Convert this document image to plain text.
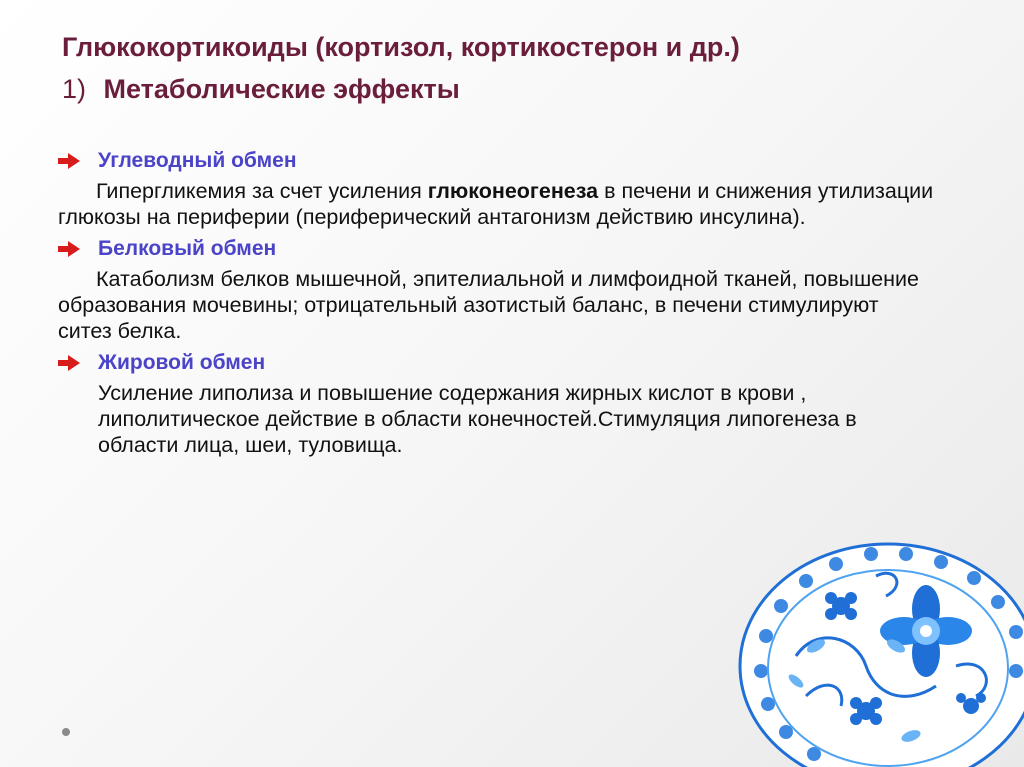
Глюкокортикоиды (кортизол, кортикостерон и др.)
1) Метаболические эффекты
Углеводный обмен
Гипергликемия за счет усиления глюконеогенеза в печени и снижения утилизации глюкозы на периферии (периферический антагонизм действию инсулина).
Белковый обмен
Катаболизм белков мышечной, эпителиальной и лимфоидной тканей, повышение образования мочевины; отрицательный азотистый баланс, в печени стимулируют ситез белка.
Жировой обмен
Усиление липолиза и повышение содержания жирных кислот в крови , липолитическое действие в области конечностей.Стимуляция липогенеза в области лица, шеи, туловища.
